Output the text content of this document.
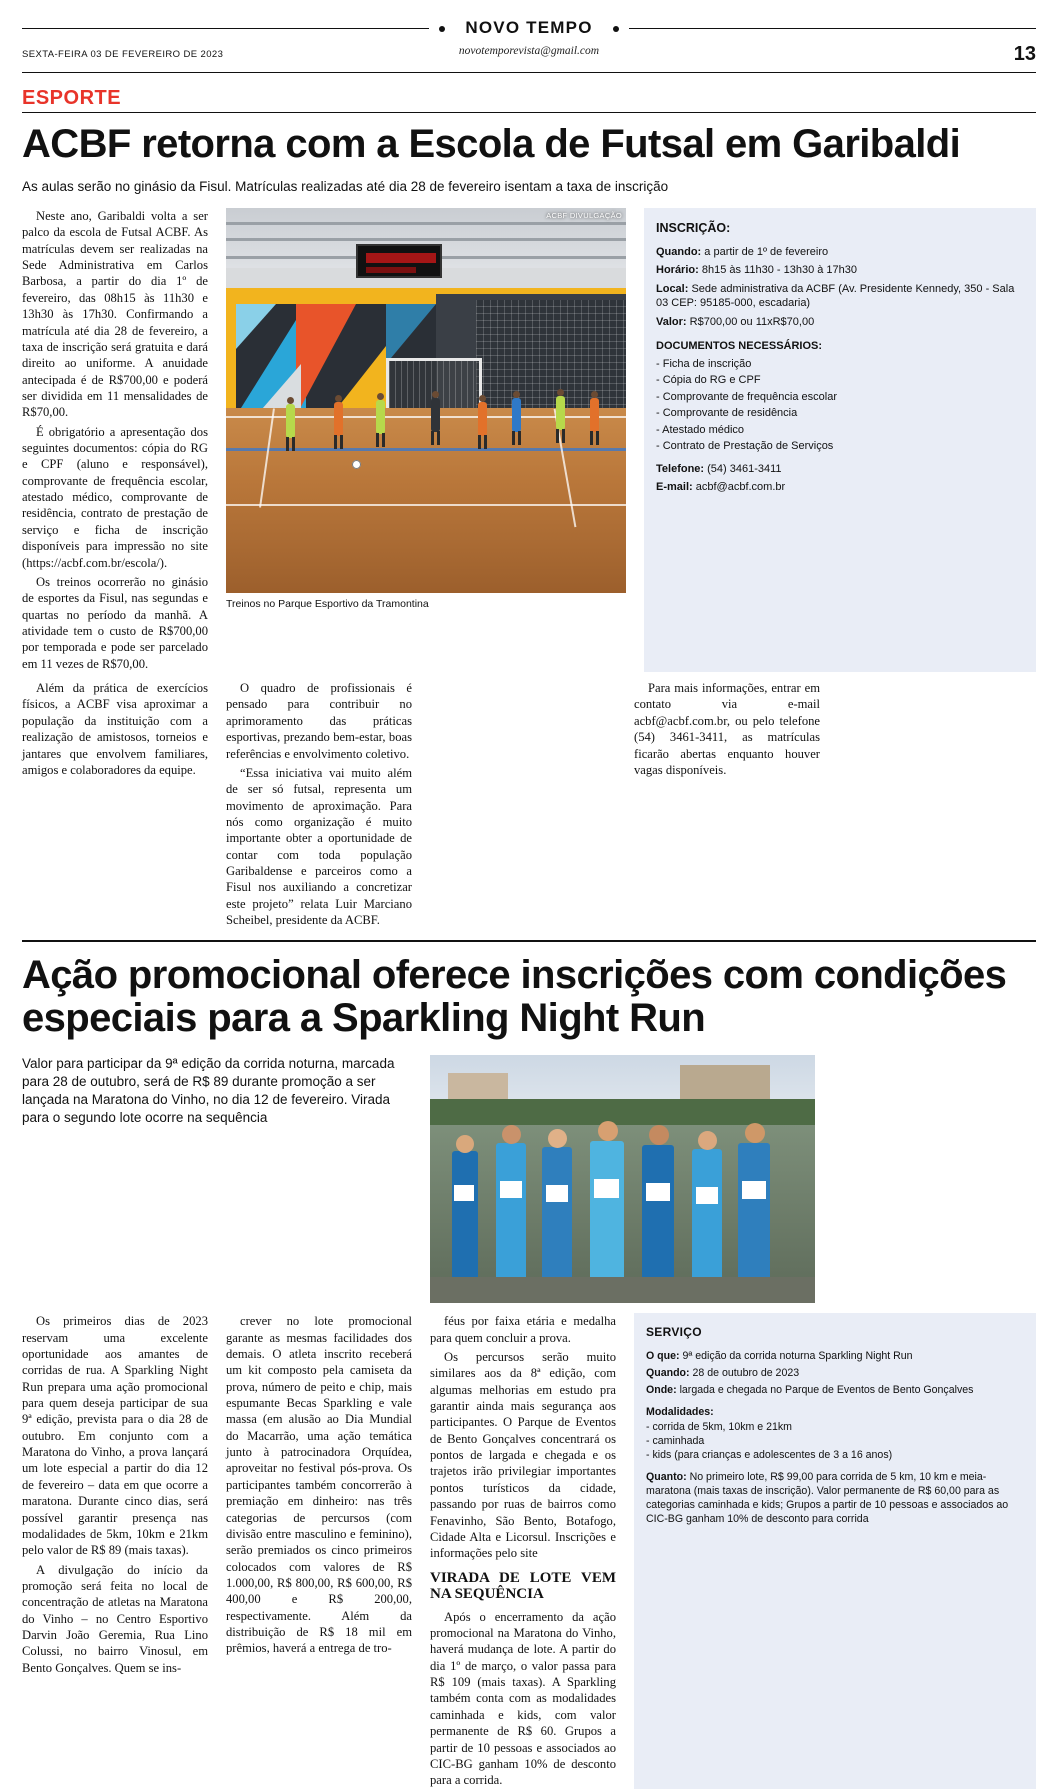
NOVO TEMPO
novotemporevista@gmail.com
SEXTA-FEIRA 03 DE FEVEREIRO DE 2023	13
ESPORTE
ACBF retorna com a Escola de Futsal em Garibaldi
As aulas serão no ginásio da Fisul. Matrículas realizadas até dia 28 de fevereiro isentam a taxa de inscrição

Neste ano, Garibaldi volta a ser palco da escola de Futsal ACBF. As matrículas devem ser realizadas na Sede Administrativa em Carlos Barbosa, a partir do dia 1º de fevereiro, das 08h15 às 11h30 e 13h30 às 17h30. Confirmando a matrícula até dia 28 de fevereiro, a taxa de inscrição será gratuita e dará direito ao uniforme. A anuidade antecipada é de R$700,00 e poderá ser dividida em 11 mensalidades de R$70,00.

É obrigatório a apresentação dos seguintes documentos: cópia do RG e CPF (aluno e responsável), comprovante de frequência escolar, atestado médico, comprovante de residência, contrato de prestação de serviço e ficha de inscrição disponíveis para impressão no site (https://acbf.com.br/escola/).

Os treinos ocorrerão no ginásio de esportes da Fisul, nas segundas e quartas no período da manhã. A atividade tem o custo de R$700,00 por temporada e pode ser parcelado em 11 vezes de R$70,00.

ACBF DIVULGAÇÃO
Treinos no Parque Esportivo da Tramontina
INSCRIÇÃO:

Quando: a partir de 1º de fevereiro

Horário: 8h15 às 11h30 - 13h30 à 17h30

Local: Sede administrativa da ACBF (Av. Presidente Kennedy, 350 - Sala 03 CEP: 95185-000, escadaria)

Valor: R$700,00 ou 11xR$70,00

DOCUMENTOS NECESSÁRIOS:
- Ficha de inscrição
- Cópia do RG e CPF
- Comprovante de frequência escolar
- Comprovante de residência
- Atestado médico
- Contrato de Prestação de Serviços

Telefone: (54) 3461-3411

E-mail: acbf@acbf.com.br

Além da prática de exercícios físicos, a ACBF visa aproximar a população da instituição com a realização de amistosos, torneios e jantares que envolvem familiares, amigos e colaboradores da equipe.

O quadro de profissionais é pensado para contribuir no aprimoramento das práticas esportivas, prezando bem-estar, boas referências e envolvimento coletivo.

“Essa iniciativa vai muito além de ser só futsal, representa um movimento de aproximação. Para nós como organização é muito importante obter a oportunidade de contar com toda população Garibaldense e parceiros como a Fisul nos auxiliando a concretizar este projeto” relata Luir Marciano Scheibel, presidente da ACBF.

Para mais informações, entrar em contato via e-mail acbf@acbf.com.br, ou pelo telefone (54) 3461-3411, as matrículas ficarão abertas enquanto houver vagas disponíveis.

Ação promocional oferece inscrições com condições especiais para a Sparkling Night Run
Valor para participar da 9ª edição da corrida noturna, marcada para 28 de outubro, será de R$ 89 durante promoção a ser lançada na Maratona do Vinho, no dia 12 de fevereiro. Virada para o segundo lote ocorre na sequência

Os primeiros dias de 2023 reservam uma excelente oportunidade aos amantes de corridas de rua. A Sparkling Night Run prepara uma ação promocional para quem deseja participar de sua 9ª edição, prevista para o dia 28 de outubro. Em conjunto com a Maratona do Vinho, a prova lançará um lote especial a partir do dia 12 de fevereiro – data em que ocorre a maratona. Durante cinco dias, será possível garantir presença nas modalidades de 5km, 10km e 21km pelo valor de R$ 89 (mais taxas).

A divulgação do início da promoção será feita no local de concentração de atletas na Maratona do Vinho – no Centro Esportivo Darvin João Geremia, Rua Lino Colussi, no bairro Vinosul, em Bento Gonçalves. Quem se ins-

crever no lote promocional garante as mesmas facilidades dos demais. O atleta inscrito receberá um kit composto pela camiseta da prova, número de peito e chip, mais espumante Becas Sparkling e vale massa (em alusão ao Dia Mundial do Macarrão, uma ação temática junto à patrocinadora Orquídea, aproveitar no festival pós-prova. Os participantes também concorrerão à premiação em dinheiro: nas três categorias de percursos (com divisão entre masculino e feminino), serão premiados os cinco primeiros colocados com valores de R$ 1.000,00, R$ 800,00, R$ 600,00, R$ 400,00 e R$ 200,00, respectivamente. Além da distribuição de R$ 18 mil em prêmios, haverá a entrega de tro-

féus por faixa etária e medalha para quem concluir a prova.

Os percursos serão muito similares aos da 8ª edição, com algumas melhorias em estudo pra garantir ainda mais segurança aos participantes. O Parque de Eventos de Bento Gonçalves concentrará os pontos de largada e chegada e os trajetos irão privilegiar importantes pontos turísticos da cidade, passando por ruas de bairros como Fenavinho, São Bento, Botafogo, Cidade Alta e Licorsul. Inscrições e informações pelo site

VIRADA DE LOTE VEM NA SEQUÊNCIA

Após o encerramento da ação promocional na Maratona do Vinho, haverá mudança de lote. A partir do dia 1º de março, o valor passa para R$ 109 (mais taxas). A Sparkling também conta com as modalidades caminhada e kids, com valor permanente de R$ 60. Grupos a partir de 10 pessoas e associados ao CIC-BG ganham 10% de desconto para a corrida.

SERVIÇO

O que: 9ª edição da corrida noturna Sparkling Night Run

Quando: 28 de outubro de 2023

Onde: largada e chegada no Parque de Eventos de Bento Gonçalves

Modalidades:
- corrida de 5km, 10km e 21km
- caminhada
- kids (para crianças e adolescentes de 3 a 16 anos)

Quanto: No primeiro lote, R$ 99,00 para corrida de 5 km, 10 km e meia-maratona (mais taxas de inscrição). Valor permanente de R$ 60,00 para as categorias caminhada e kids; Grupos a partir de 10 pessoas e associados ao CIC-BG ganham 10% de desconto para corrida
